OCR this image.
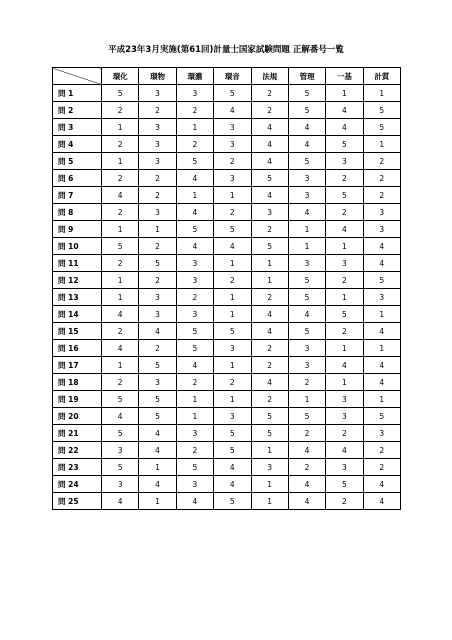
平成23年3月実施(第61回)計量士国家試験問題 正解番号一覧
	環化	環物	環濃	環音	法規	管理	一基	計質
問 1	5	3	3	5	2	5	1	1
問 2	2	2	2	4	2	5	4	5
問 3	1	3	1	3	4	4	4	5
問 4	2	3	2	3	4	4	5	1
問 5	1	3	5	2	4	5	3	2
問 6	2	2	4	3	5	3	2	2
問 7	4	2	1	1	4	3	5	2
問 8	2	3	4	2	3	4	2	3
問 9	1	1	5	5	2	1	4	3
問 10	5	2	4	4	5	1	1	4
問 11	2	5	3	1	1	3	3	4
問 12	1	2	3	2	1	5	2	5
問 13	1	3	2	1	2	5	1	3
問 14	4	3	3	1	4	4	5	1
問 15	2	4	5	5	4	5	2	4
問 16	4	2	5	3	2	3	1	1
問 17	1	5	4	1	2	3	4	4
問 18	2	3	2	2	4	2	1	4
問 19	5	5	1	1	2	1	3	1
問 20	4	5	1	3	5	5	3	5
問 21	5	4	3	5	5	2	2	3
問 22	3	4	2	5	1	4	4	2
問 23	5	1	5	4	3	2	3	2
問 24	3	4	3	4	1	4	5	4
問 25	4	1	4	5	1	4	2	4
